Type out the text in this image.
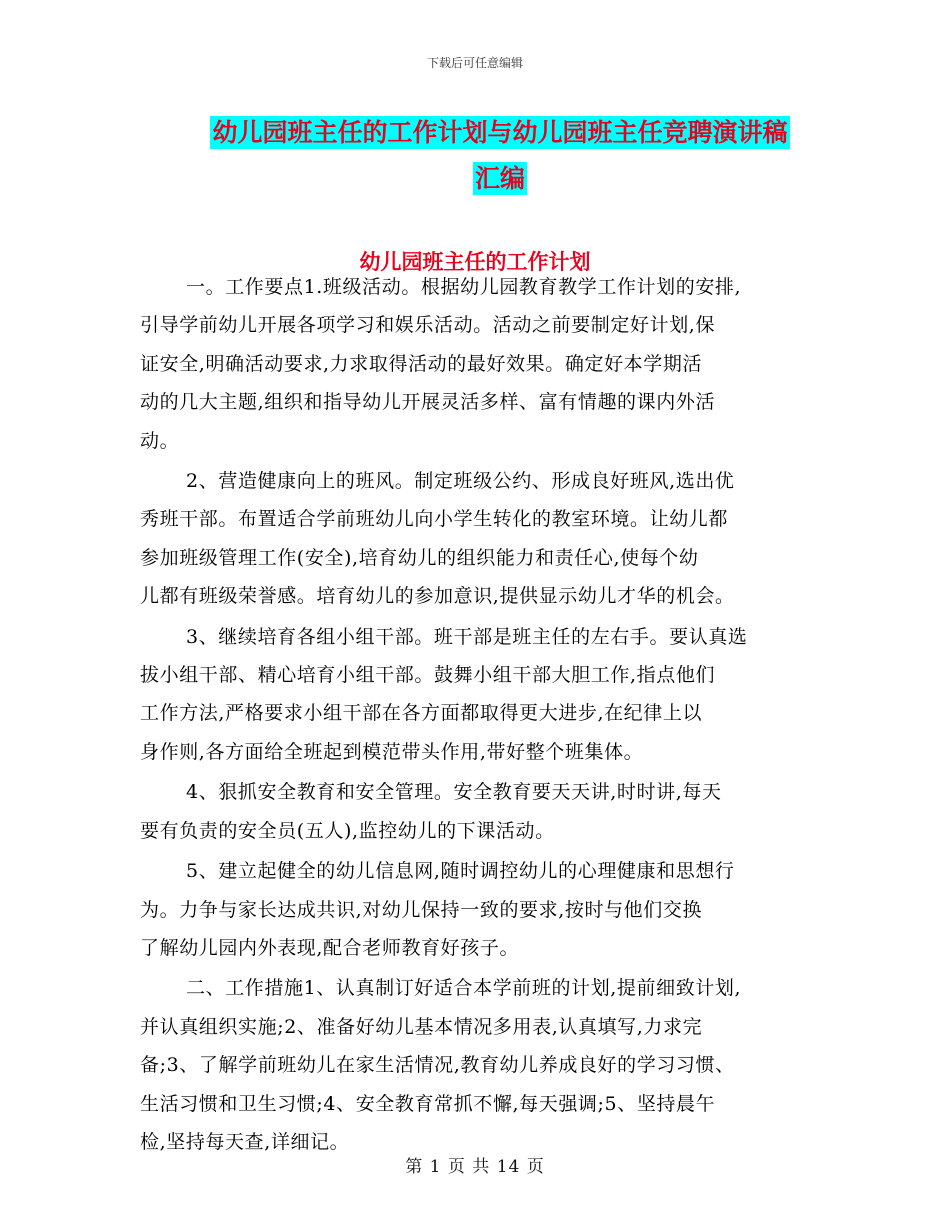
下载后可任意编辑
幼儿园班主任的工作计划与幼儿园班主任竞聘演讲稿
汇编
幼儿园班主任的工作计划

一。工作要点1.班级活动。根据幼儿园教育教学工作计划的安排,
引导学前幼儿开展各项学习和娱乐活动。活动之前要制定好计划,保
证安全,明确活动要求,力求取得活动的最好效果。确定好本学期活
动的几大主题,组织和指导幼儿开展灵活多样、富有情趣的课内外活
动。

2、营造健康向上的班风。制定班级公约、形成良好班风,选出优
秀班干部。布置适合学前班幼儿向小学生转化的教室环境。让幼儿都
参加班级管理工作(安全),培育幼儿的组织能力和责任心,使每个幼
儿都有班级荣誉感。培育幼儿的参加意识,提供显示幼儿才华的机会。

3、继续培育各组小组干部。班干部是班主任的左右手。要认真选
拔小组干部、精心培育小组干部。鼓舞小组干部大胆工作,指点他们
工作方法,严格要求小组干部在各方面都取得更大进步,在纪律上以
身作则,各方面给全班起到模范带头作用,带好整个班集体。

4、狠抓安全教育和安全管理。安全教育要天天讲,时时讲,每天
要有负责的安全员(五人),监控幼儿的下课活动。

5、建立起健全的幼儿信息网,随时调控幼儿的心理健康和思想行
为。力争与家长达成共识,对幼儿保持一致的要求,按时与他们交换
了解幼儿园内外表现,配合老师教育好孩子。

二、工作措施1、认真制订好适合本学前班的计划,提前细致计划,
并认真组织实施;2、准备好幼儿基本情况多用表,认真填写,力求完
备;3、了解学前班幼儿在家生活情况,教育幼儿养成良好的学习习惯、
生活习惯和卫生习惯;4、安全教育常抓不懈,每天强调;5、坚持晨午
检,坚持每天查,详细记。

第 1 页 共 14 页
